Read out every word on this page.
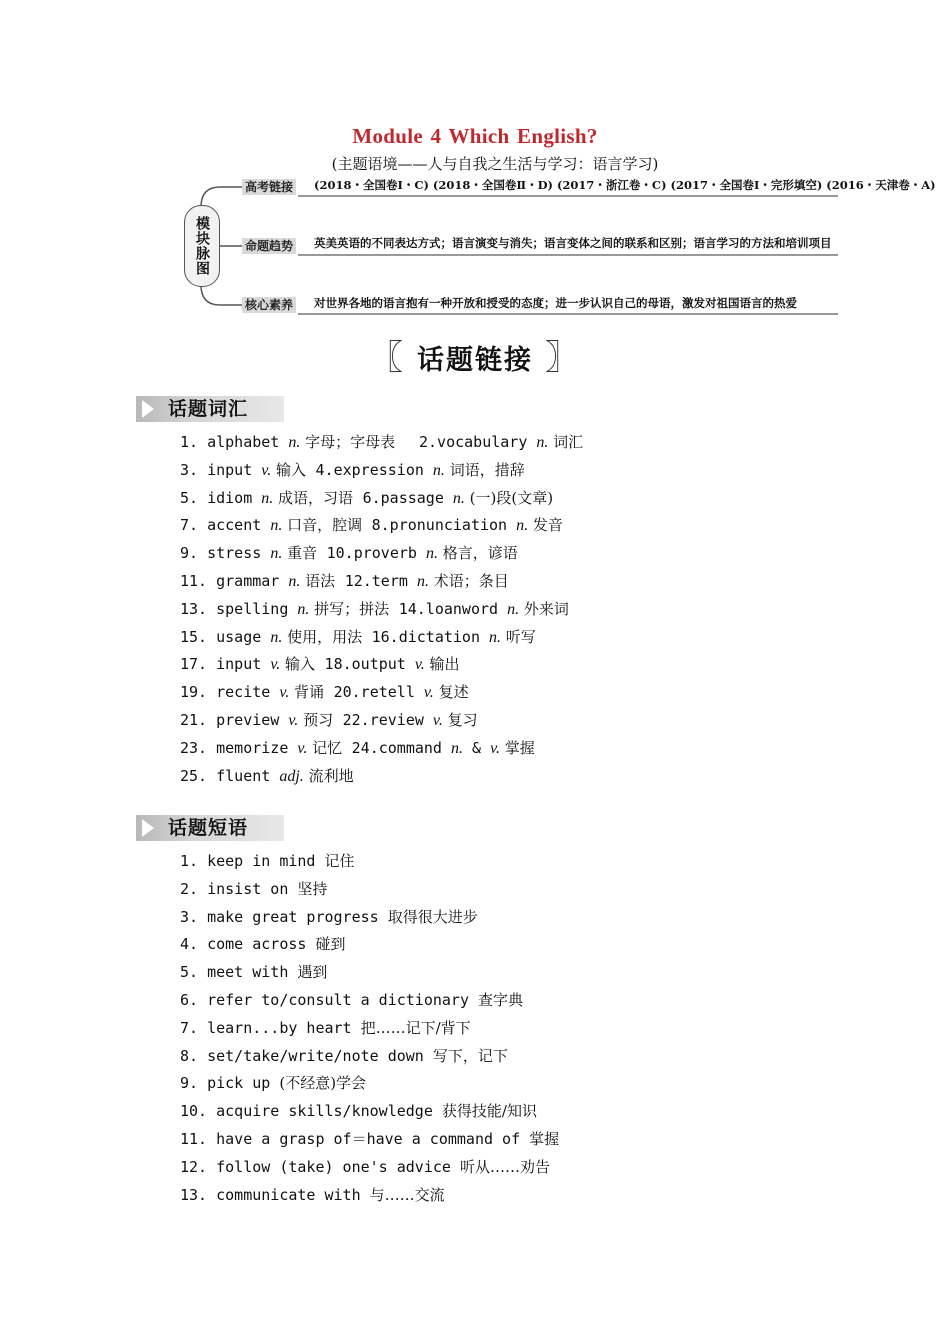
Module 4 Which English?
(主题语境——人与自我之生活与学习：语言学习)
模块脉图
高考链接 (2018・全国卷Ⅰ・C) (2018・全国卷Ⅱ・D) (2017・浙江卷・C) (2017・全国卷Ⅰ・完形填空) (2016・天津卷・A)
命题趋势 英美英语的不同表达方式；语言演变与消失；语言变体之间的联系和区别；语言学习的方法和培训项目
核心素养 对世界各地的语言抱有一种开放和授受的态度；进一步认识自己的母语，激发对祖国语言的热爱
〖 话题链接 〗
话题词汇
1. alphabet n. 字母；字母表     2.vocabulary n. 词汇
3. input v. 输入  4.expression n. 词语，措辞
5. idiom n. 成语，习语  6.passage n. (一)段(文章)
7. accent n. 口音，腔调  8.pronunciation n. 发音
9. stress n. 重音  10.proverb n. 格言，谚语
11. grammar n. 语法  12.term n. 术语；条目
13. spelling n. 拼写；拼法  14.loanword n. 外来词
15. usage n. 使用，用法  16.dictation n. 听写
17. input v. 输入  18.output v. 输出
19. recite v. 背诵  20.retell v. 复述
21. preview v. 预习  22.review v. 复习
23. memorize v. 记忆  24.command n. & v. 掌握
25. fluent adj. 流利地
话题短语
1. keep in mind 记住
2. insist on 坚持
3. make great progress 取得很大进步
4. come across 碰到
5. meet with 遇到
6. refer to/consult a dictionary 查字典
7. learn...by heart 把……记下/背下
8. set/take/write/note down 写下，记下
9. pick up (不经意)学会
10. acquire skills/knowledge 获得技能/知识
11. have a grasp of＝have a command of 掌握
12. follow (take) one's advice 听从……劝告
13. communicate with 与……交流
